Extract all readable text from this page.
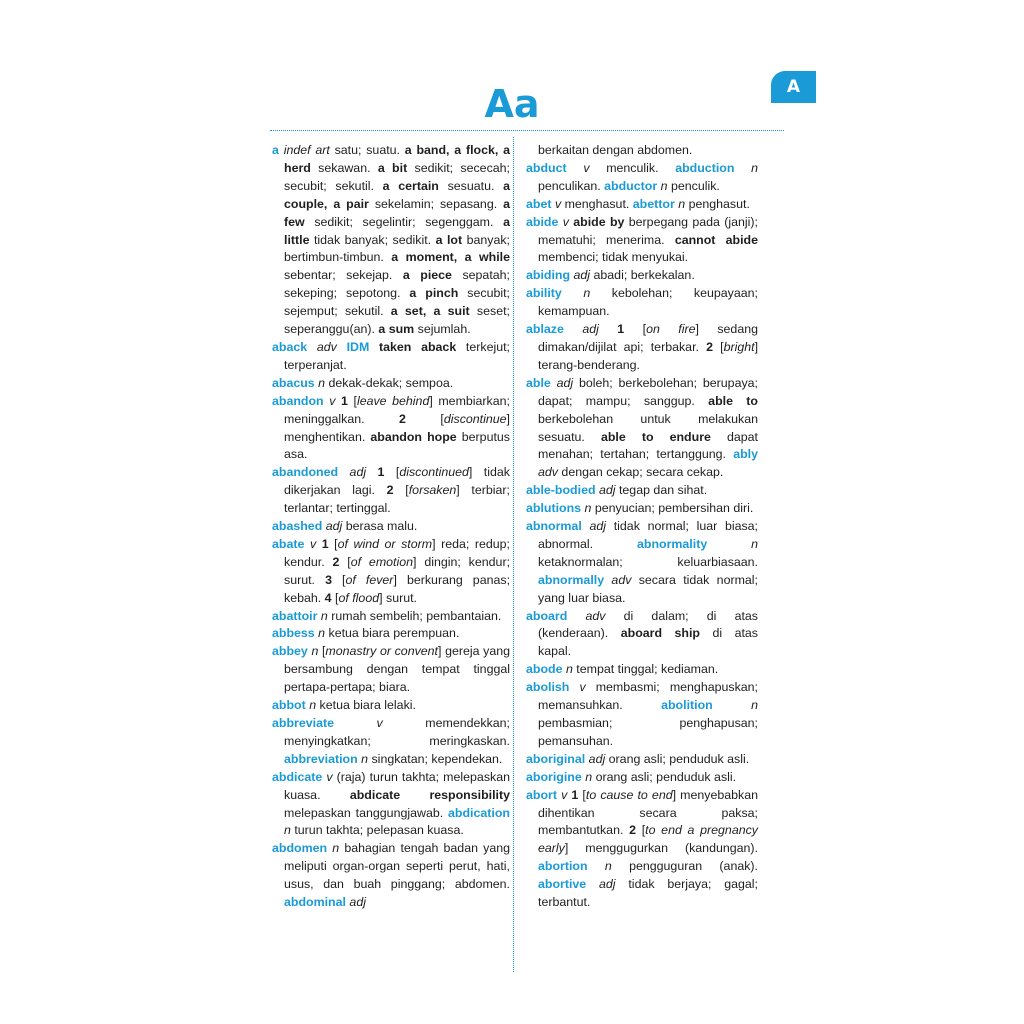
Aa	A

a indef art satu; suatu. a band, a flock, a herd sekawan. a bit sedikit; sececah; secubit; sekutil. a certain sesuatu. a couple, a pair sekelamin; sepasang. a few sedikit; segelintir; segenggam. a little tidak banyak; sedikit. a lot banyak; bertimbun-timbun. a moment, a while sebentar; sekejap. a piece sepatah; sekeping; sepotong. a pinch secubit; sejemput; sekutil. a set, a suit seset; seperanggu(an). a sum sejumlah.

aback adv IDM taken aback terkejut; terperanjat.

abacus n dekak-dekak; sempoa.

abandon v 1 [leave behind] membiarkan; meninggalkan. 2 [discontinue] menghentikan. abandon hope berputus asa.

abandoned adj 1 [discontinued] tidak dikerjakan lagi. 2 [forsaken] terbiar; terlantar; tertinggal.

abashed adj berasa malu.

abate v 1 [of wind or storm] reda; redup; kendur. 2 [of emotion] dingin; kendur; surut. 3 [of fever] berkurang panas; kebah. 4 [of flood] surut.

abattoir n rumah sembelih; pembantaian.

abbess n ketua biara perempuan.

abbey n [monastry or convent] gereja yang bersambung dengan tempat tinggal pertapa-pertapa; biara.

abbot n ketua biara lelaki.

abbreviate	v memendekkan; menyingkatkan; meringkaskan. abbreviation n singkatan; kependekan.

abdicate v (raja) turun takhta; melepaskan kuasa. abdicate responsibility melepaskan tanggungjawab. abdication n turun takhta; pelepasan kuasa.

abdomen n bahagian tengah badan yang meliputi organ-organ seperti perut, hati, usus, dan buah pinggang; abdomen. abdominal adj

berkaitan dengan abdomen.

abduct v menculik. abduction n penculikan. abductor n penculik.

abet v menghasut. abettor n penghasut.

abide v abide by berpegang pada (janji); mematuhi; menerima. cannot abide membenci; tidak menyukai.

abiding adj abadi; berkekalan.

ability n kebolehan; keupayaan; kemampuan.

ablaze adj 1 [on fire] sedang dimakan/dijilat api; terbakar. 2 [bright] terang-benderang.

able adj boleh; berkebolehan; berupaya; dapat; mampu; sanggup. able to berkebolehan untuk melakukan sesuatu. able to endure dapat menahan; tertahan; tertanggung. ably adv dengan cekap; secara cekap.

able-bodied adj tegap dan sihat.

ablutions n penyucian; pembersihan diri.

abnormal adj tidak normal; luar biasa; abnormal. abnormality	n ketaknormalan; keluarbiasaan. abnormally adv secara tidak normal; yang luar biasa.

aboard adv di dalam; di atas (kenderaan). aboard ship di atas kapal.

abode n tempat tinggal; kediaman.

abolish v membasmi; menghapuskan; memansuhkan. abolition	n pembasmian; penghapusan; pemansuhan.

aboriginal adj orang asli; penduduk asli.

aborigine n orang asli; penduduk asli.

abort v 1 [to cause to end] menyebabkan dihentikan secara paksa; membantutkan. 2 [to end a pregnancy early] menggugurkan (kandungan). abortion n pengguguran (anak). abortive adj tidak berjaya; gagal; terbantut.
